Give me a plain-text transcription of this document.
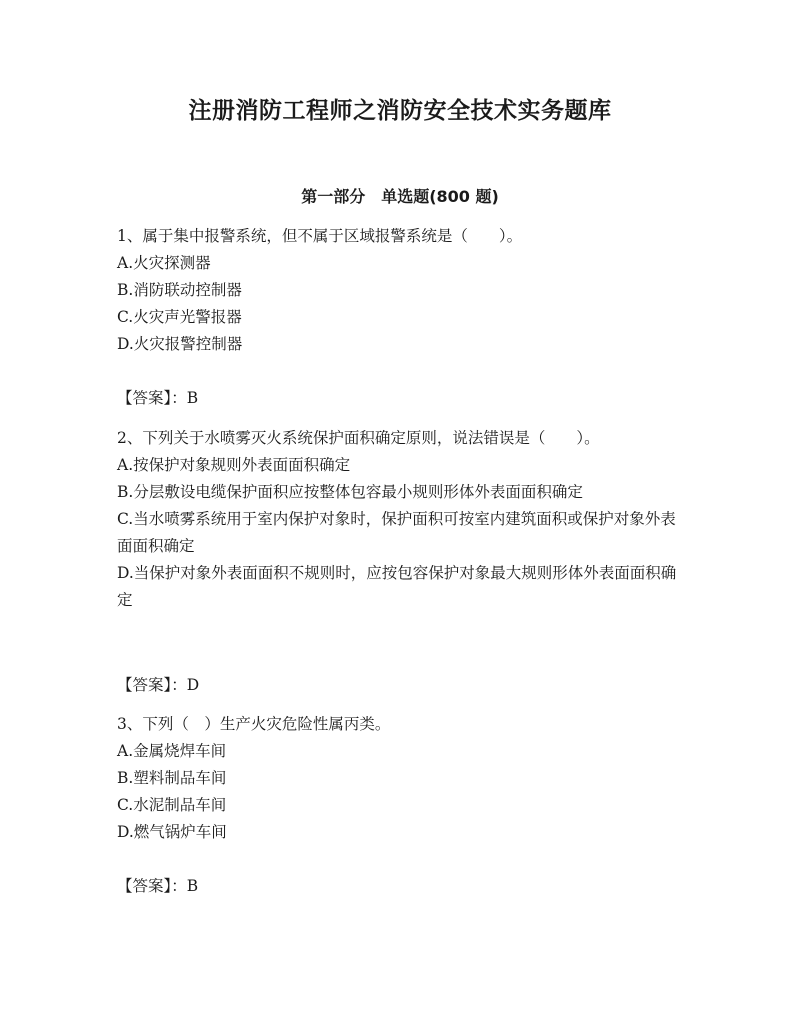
注册消防工程师之消防安全技术实务题库
第一部分　单选题(800 题)

1、属于集中报警系统，但不属于区域报警系统是（　　）。

A.火灾探测器

B.消防联动控制器

C.火灾声光警报器

D.火灾报警控制器

【答案】：B

2、下列关于水喷雾灭火系统保护面积确定原则，说法错误是（　　）。

A.按保护对象规则外表面面积确定

B.分层敷设电缆保护面积应按整体包容最小规则形体外表面面积确定

C.当水喷雾系统用于室内保护对象时，保护面积可按室内建筑面积或保护对象外表面面积确定

D.当保护对象外表面面积不规则时，应按包容保护对象最大规则形体外表面面积确定

【答案】：D

3、下列（　）生产火灾危险性属丙类。

A.金属烧焊车间

B.塑料制品车间

C.水泥制品车间

D.燃气锅炉车间

【答案】：B
